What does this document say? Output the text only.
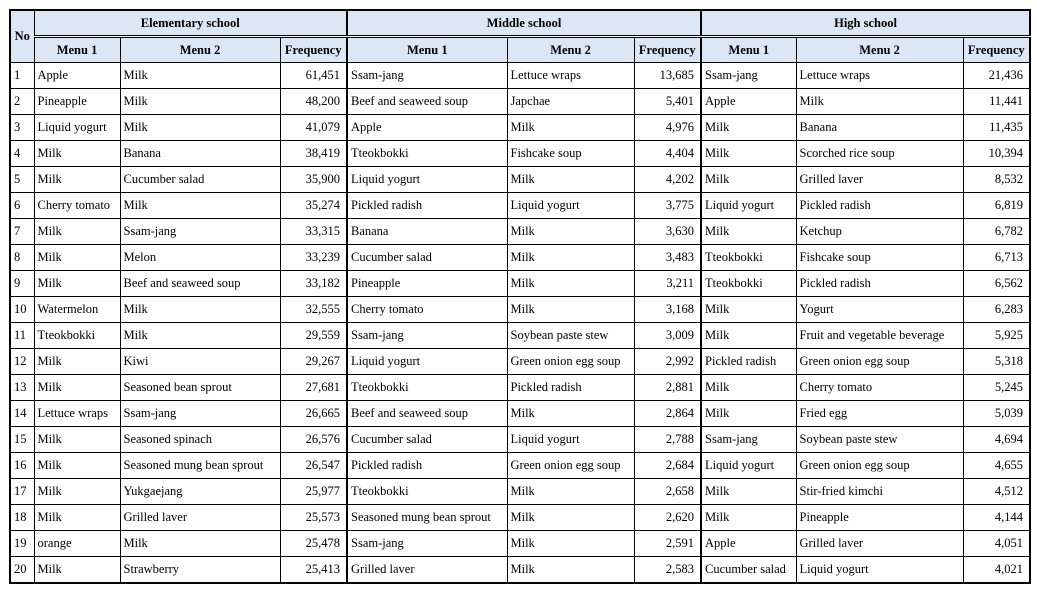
No	Elementary school			Middle school			High school		
	Menu 1	Menu 2	Frequency	Menu 1	Menu 2	Frequency	Menu 1	Menu 2	Frequency
1	Apple	Milk	61,451	Ssam-jang	Lettuce wraps	13,685	Ssam-jang	Lettuce wraps	21,436
2	Pineapple	Milk	48,200	Beef and seaweed soup	Japchae	5,401	Apple	Milk	11,441
3	Liquid yogurt	Milk	41,079	Apple	Milk	4,976	Milk	Banana	11,435
4	Milk	Banana	38,419	Tteokbokki	Fishcake soup	4,404	Milk	Scorched rice soup	10,394
5	Milk	Cucumber salad	35,900	Liquid yogurt	Milk	4,202	Milk	Grilled laver	8,532
6	Cherry tomato	Milk	35,274	Pickled radish	Liquid yogurt	3,775	Liquid yogurt	Pickled radish	6,819
7	Milk	Ssam-jang	33,315	Banana	Milk	3,630	Milk	Ketchup	6,782
8	Milk	Melon	33,239	Cucumber salad	Milk	3,483	Tteokbokki	Fishcake soup	6,713
9	Milk	Beef and seaweed soup	33,182	Pineapple	Milk	3,211	Tteokbokki	Pickled radish	6,562
10	Watermelon	Milk	32,555	Cherry tomato	Milk	3,168	Milk	Yogurt	6,283
11	Tteokbokki	Milk	29,559	Ssam-jang	Soybean paste stew	3,009	Milk	Fruit and vegetable beverage	5,925
12	Milk	Kiwi	29,267	Liquid yogurt	Green onion egg soup	2,992	Pickled radish	Green onion egg soup	5,318
13	Milk	Seasoned bean sprout	27,681	Tteokbokki	Pickled radish	2,881	Milk	Cherry tomato	5,245
14	Lettuce wraps	Ssam-jang	26,665	Beef and seaweed soup	Milk	2,864	Milk	Fried egg	5,039
15	Milk	Seasoned spinach	26,576	Cucumber salad	Liquid yogurt	2,788	Ssam-jang	Soybean paste stew	4,694
16	Milk	Seasoned mung bean sprout	26,547	Pickled radish	Green onion egg soup	2,684	Liquid yogurt	Green onion egg soup	4,655
17	Milk	Yukgaejang	25,977	Tteokbokki	Milk	2,658	Milk	Stir-fried kimchi	4,512
18	Milk	Grilled laver	25,573	Seasoned mung bean sprout	Milk	2,620	Milk	Pineapple	4,144
19	orange	Milk	25,478	Ssam-jang	Milk	2,591	Apple	Grilled laver	4,051
20	Milk	Strawberry	25,413	Grilled laver	Milk	2,583	Cucumber salad	Liquid yogurt	4,021
